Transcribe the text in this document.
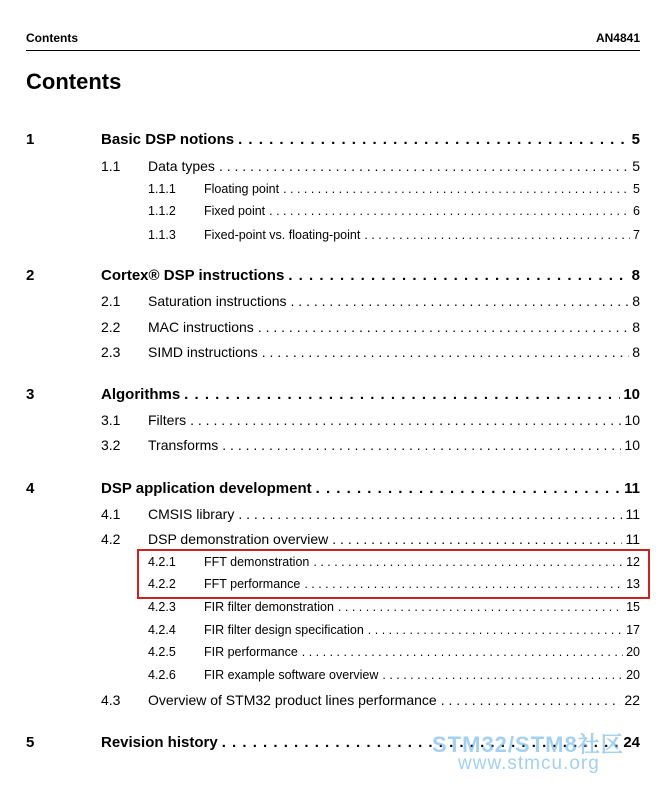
Contents	AN4841
Contents
1	Basic DSP notions . . .	5
1.1 Data types . . .	5
1.1.1 Floating point . . .	5
1.1.2 Fixed point . . .	6
1.1.3 Fixed-point vs. floating-point . . .	7
2	Cortex® DSP instructions . . .	8
2.1 Saturation instructions . . .	8
2.2 MAC instructions . . .	8
2.3 SIMD instructions . . .	8
3	Algorithms . . .	10
3.1 Filters . . .	10
3.2 Transforms . . .	10
4	DSP application development . . .	11
4.1 CMSIS library . . .	11
4.2 DSP demonstration overview . . .	11
4.2.1 FFT demonstration . . .	12
4.2.2 FFT performance . . .	13
4.2.3 FIR filter demonstration . . .	15
4.2.4 FIR filter design specification . . .	17
4.2.5 FIR performance . . .	20
4.2.6 FIR example software overview . . .	20
4.3 Overview of STM32 product lines performance . . .	22
5	Revision history . . .	24
STM32/STM8社区
www.stmcu.org
